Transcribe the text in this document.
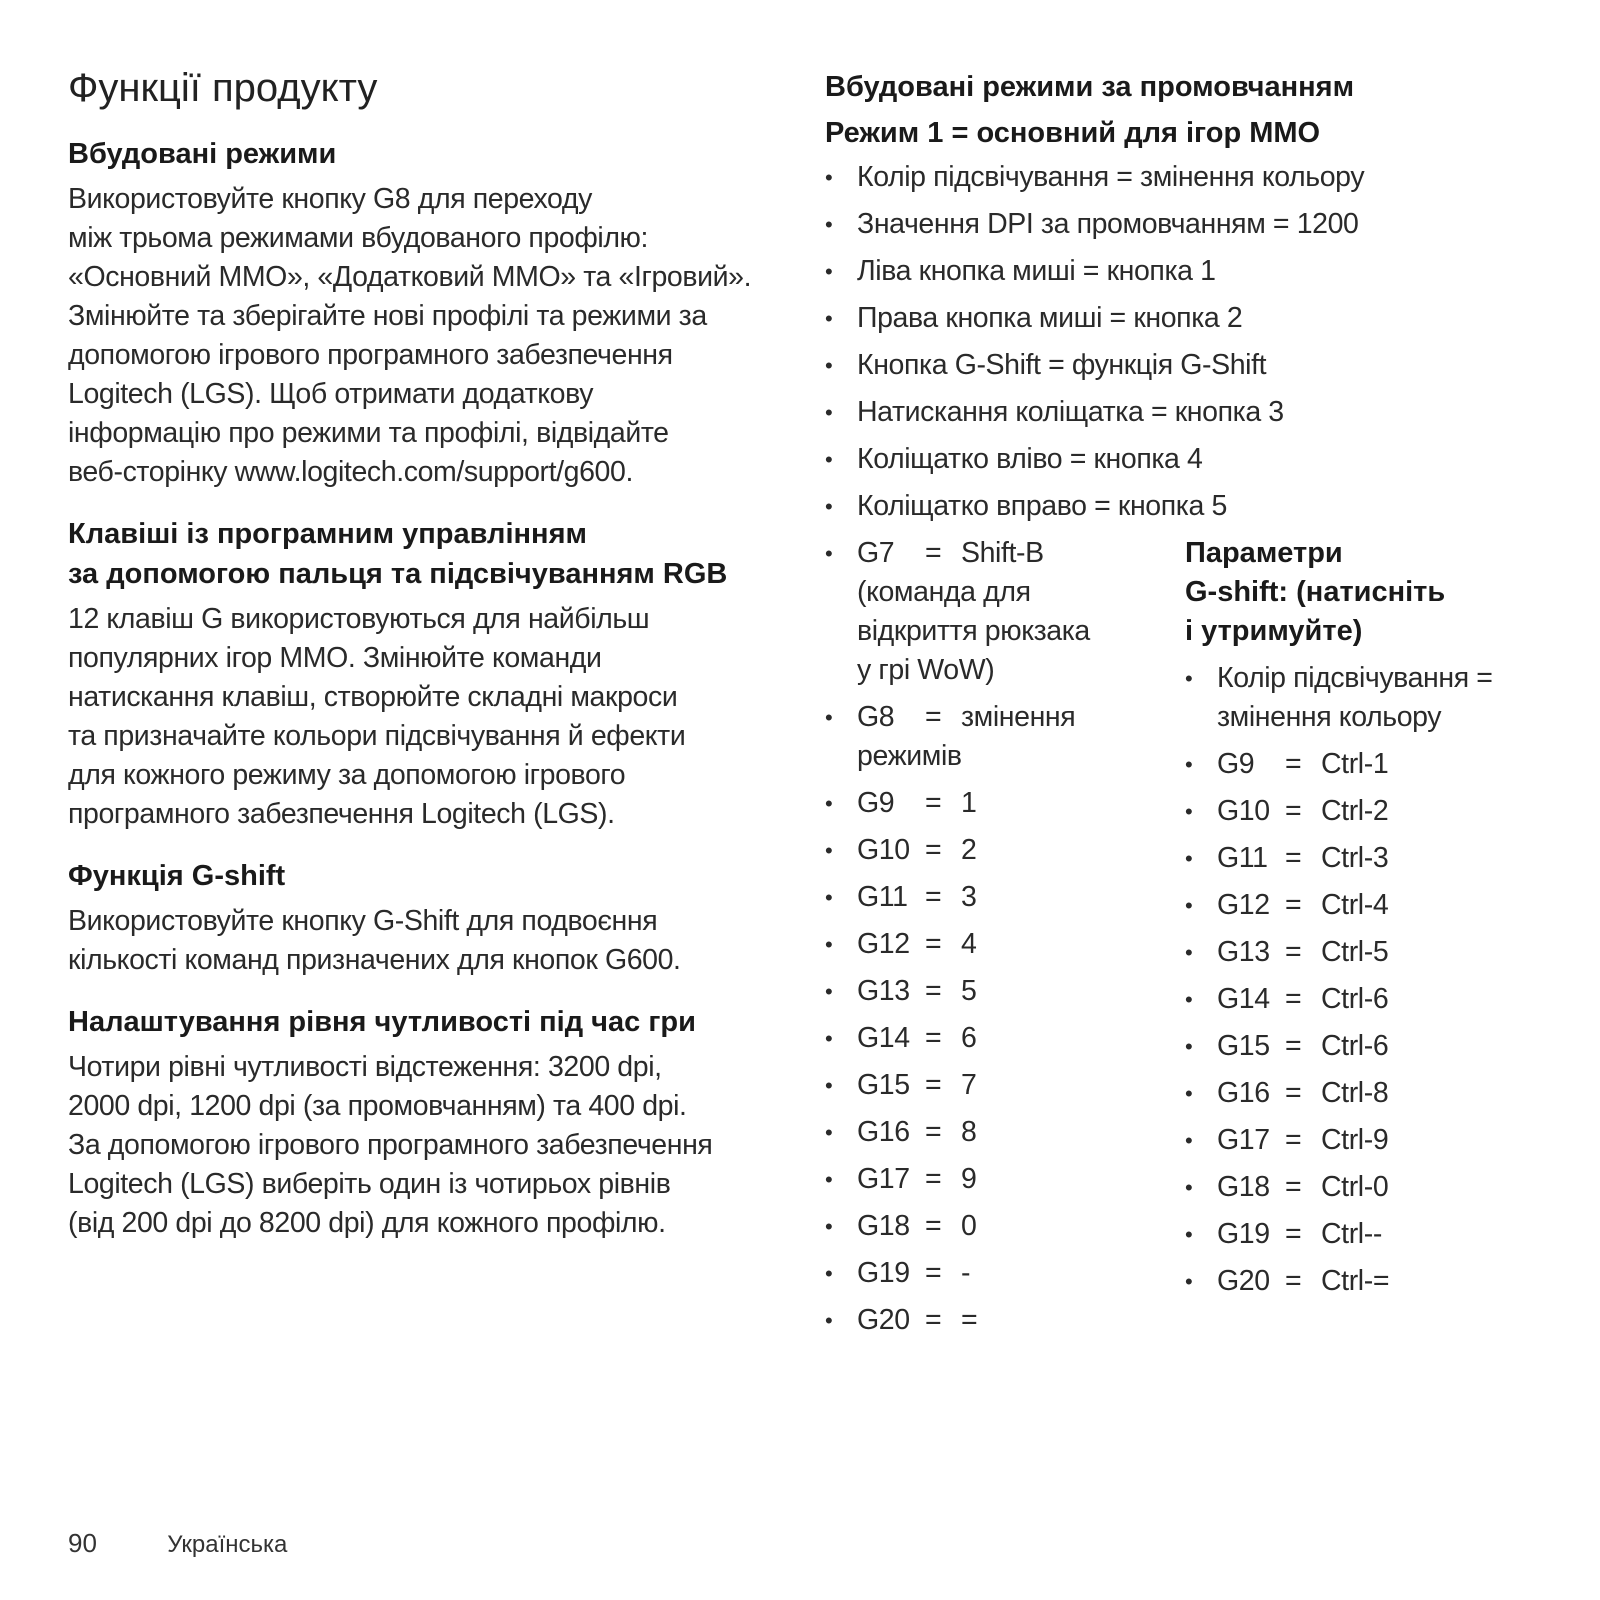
Функції продукту
Вбудовані режими
Використовуйте кнопку G8 для переходу
між трьома режимами вбудованого профілю:
«Основний MMO», «Додатковий MMO» та «Ігровий».
Змінюйте та зберігайте нові профілі та режими за
допомогою ігрового програмного забезпечення
Logitech (LGS). Щоб отримати додаткову
інформацію про режими та профілі, відвідайте
веб-сторінку www.logitech.com/support/g600.
Клавіші із програмним управлінням
за допомогою пальця та підсвічуванням RGB
12 клавіш G використовуються для найбільш
популярних ігор MMO. Змінюйте команди
натискання клавіш, створюйте складні макроси
та призначайте кольори підсвічування й ефекти
для кожного режиму за допомогою ігрового
програмного забезпечення Logitech (LGS).
Функція G-shift
Використовуйте кнопку G-Shift для подвоєння
кількості команд призначених для кнопок G600.
Налаштування рівня чутливості під час гри
Чотири рівні чутливості відстеження: 3200 dpi,
2000 dpi, 1200 dpi (за промовчанням) та 400 dpi.
За допомогою ігрового програмного забезпечення
Logitech (LGS) виберіть один із чотирьох рівнів
(від 200 dpi до 8200 dpi) для кожного профілю.
Вбудовані режими за промовчанням
Режим 1 = основний для ігор MMO
• Колір підсвічування = змінення кольору
• Значення DPI за промовчанням = 1200
• Ліва кнопка миші = кнопка 1
• Права кнопка миші = кнопка 2
• Кнопка G-Shift = функція G-Shift
• Натискання коліщатка = кнопка 3
• Коліщатко вліво = кнопка 4
• Коліщатко вправо = кнопка 5
• G7 = Shift-B
(команда для
відкриття рюкзака
у грі WoW)
• G8 = змінення
режимів
• G9 = 1
• G10 = 2
• G11 = 3
• G12 = 4
• G13 = 5
• G14 = 6
• G15 = 7
• G16 = 8
• G17 = 9
• G18 = 0
• G19 = -
• G20 = =
Параметри
G-shift: (натисніть
і утримуйте)
• Колір підсвічування =
змінення кольору
• G9 = Ctrl-1
• G10 = Ctrl-2
• G11 = Ctrl-3
• G12 = Ctrl-4
• G13 = Ctrl-5
• G14 = Ctrl-6
• G15 = Ctrl-6
• G16 = Ctrl-8
• G17 = Ctrl-9
• G18 = Ctrl-0
• G19 = Ctrl--
• G20 = Ctrl-=
90	Українська
